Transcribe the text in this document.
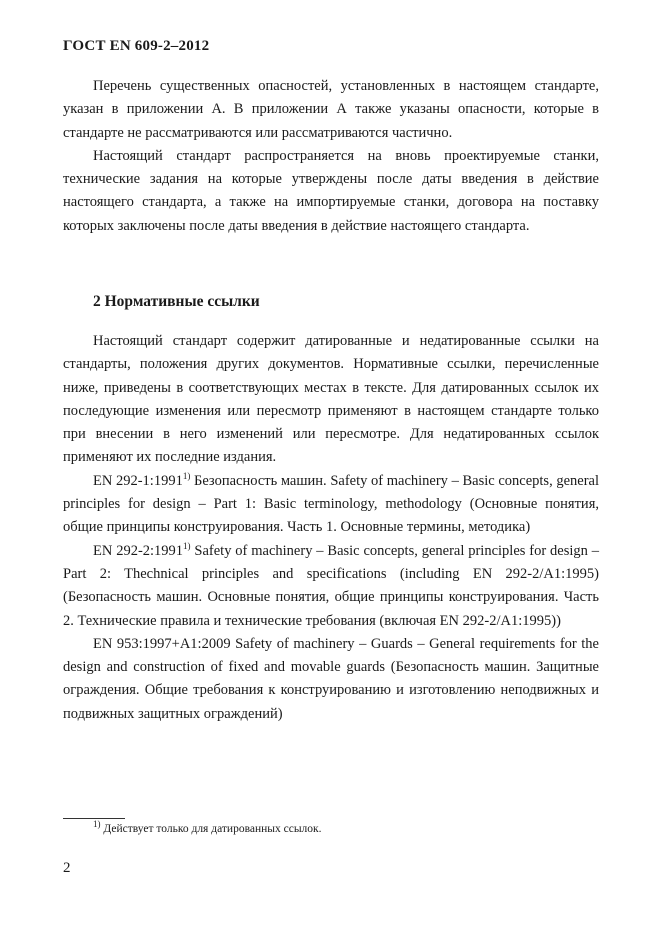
ГОСТ EN 609-2–2012

Перечень существенных опасностей, установленных в настоящем стандарте, указан в приложении А. В приложении А также указаны опасности, которые в стандарте не рассматриваются или рассматриваются частично.

Настоящий стандарт распространяется на вновь проектируемые станки, технические задания на которые утверждены после даты введения в действие настоящего стандарта, а также на импортируемые станки, договора на поставку которых заключены после даты введения в действие настоящего стандарта.

2 Нормативные ссылки

Настоящий стандарт содержит датированные и недатированные ссылки на стандарты, положения других документов. Нормативные ссылки, перечисленные ниже, приведены в соответствующих местах в тексте. Для датированных ссылок их последующие изменения или пересмотр применяют в настоящем стандарте только при внесении в него изменений или пересмотре. Для недатированных ссылок применяют их последние издания.

EN 292-1:1991$^{1)}$ Безопасность машин. Safety of machinery – Basic concepts, general principles for design – Part 1: Basic terminology, methodology (Основные понятия, общие принципы конструирования. Часть 1. Основные термины, методика)

EN 292-2:1991$^{1)}$ Safety of machinery – Basic concepts, general principles for design – Part 2: Thechnical principles and specifications (including EN 292-2/A1:1995) (Безопасность машин. Основные понятия, общие принципы конструирования. Часть 2. Технические правила и технические требования (включая EN 292-2/A1:1995))

EN 953:1997+A1:2009 Safety of machinery – Guards – General requirements for the design and construction of fixed and movable guards (Безопасность машин. Защитные ограждения. Общие требования к конструированию и изготовлению неподвижных и подвижных защитных ограждений)

$^{1)}$ Действует только для датированных ссылок.
2
